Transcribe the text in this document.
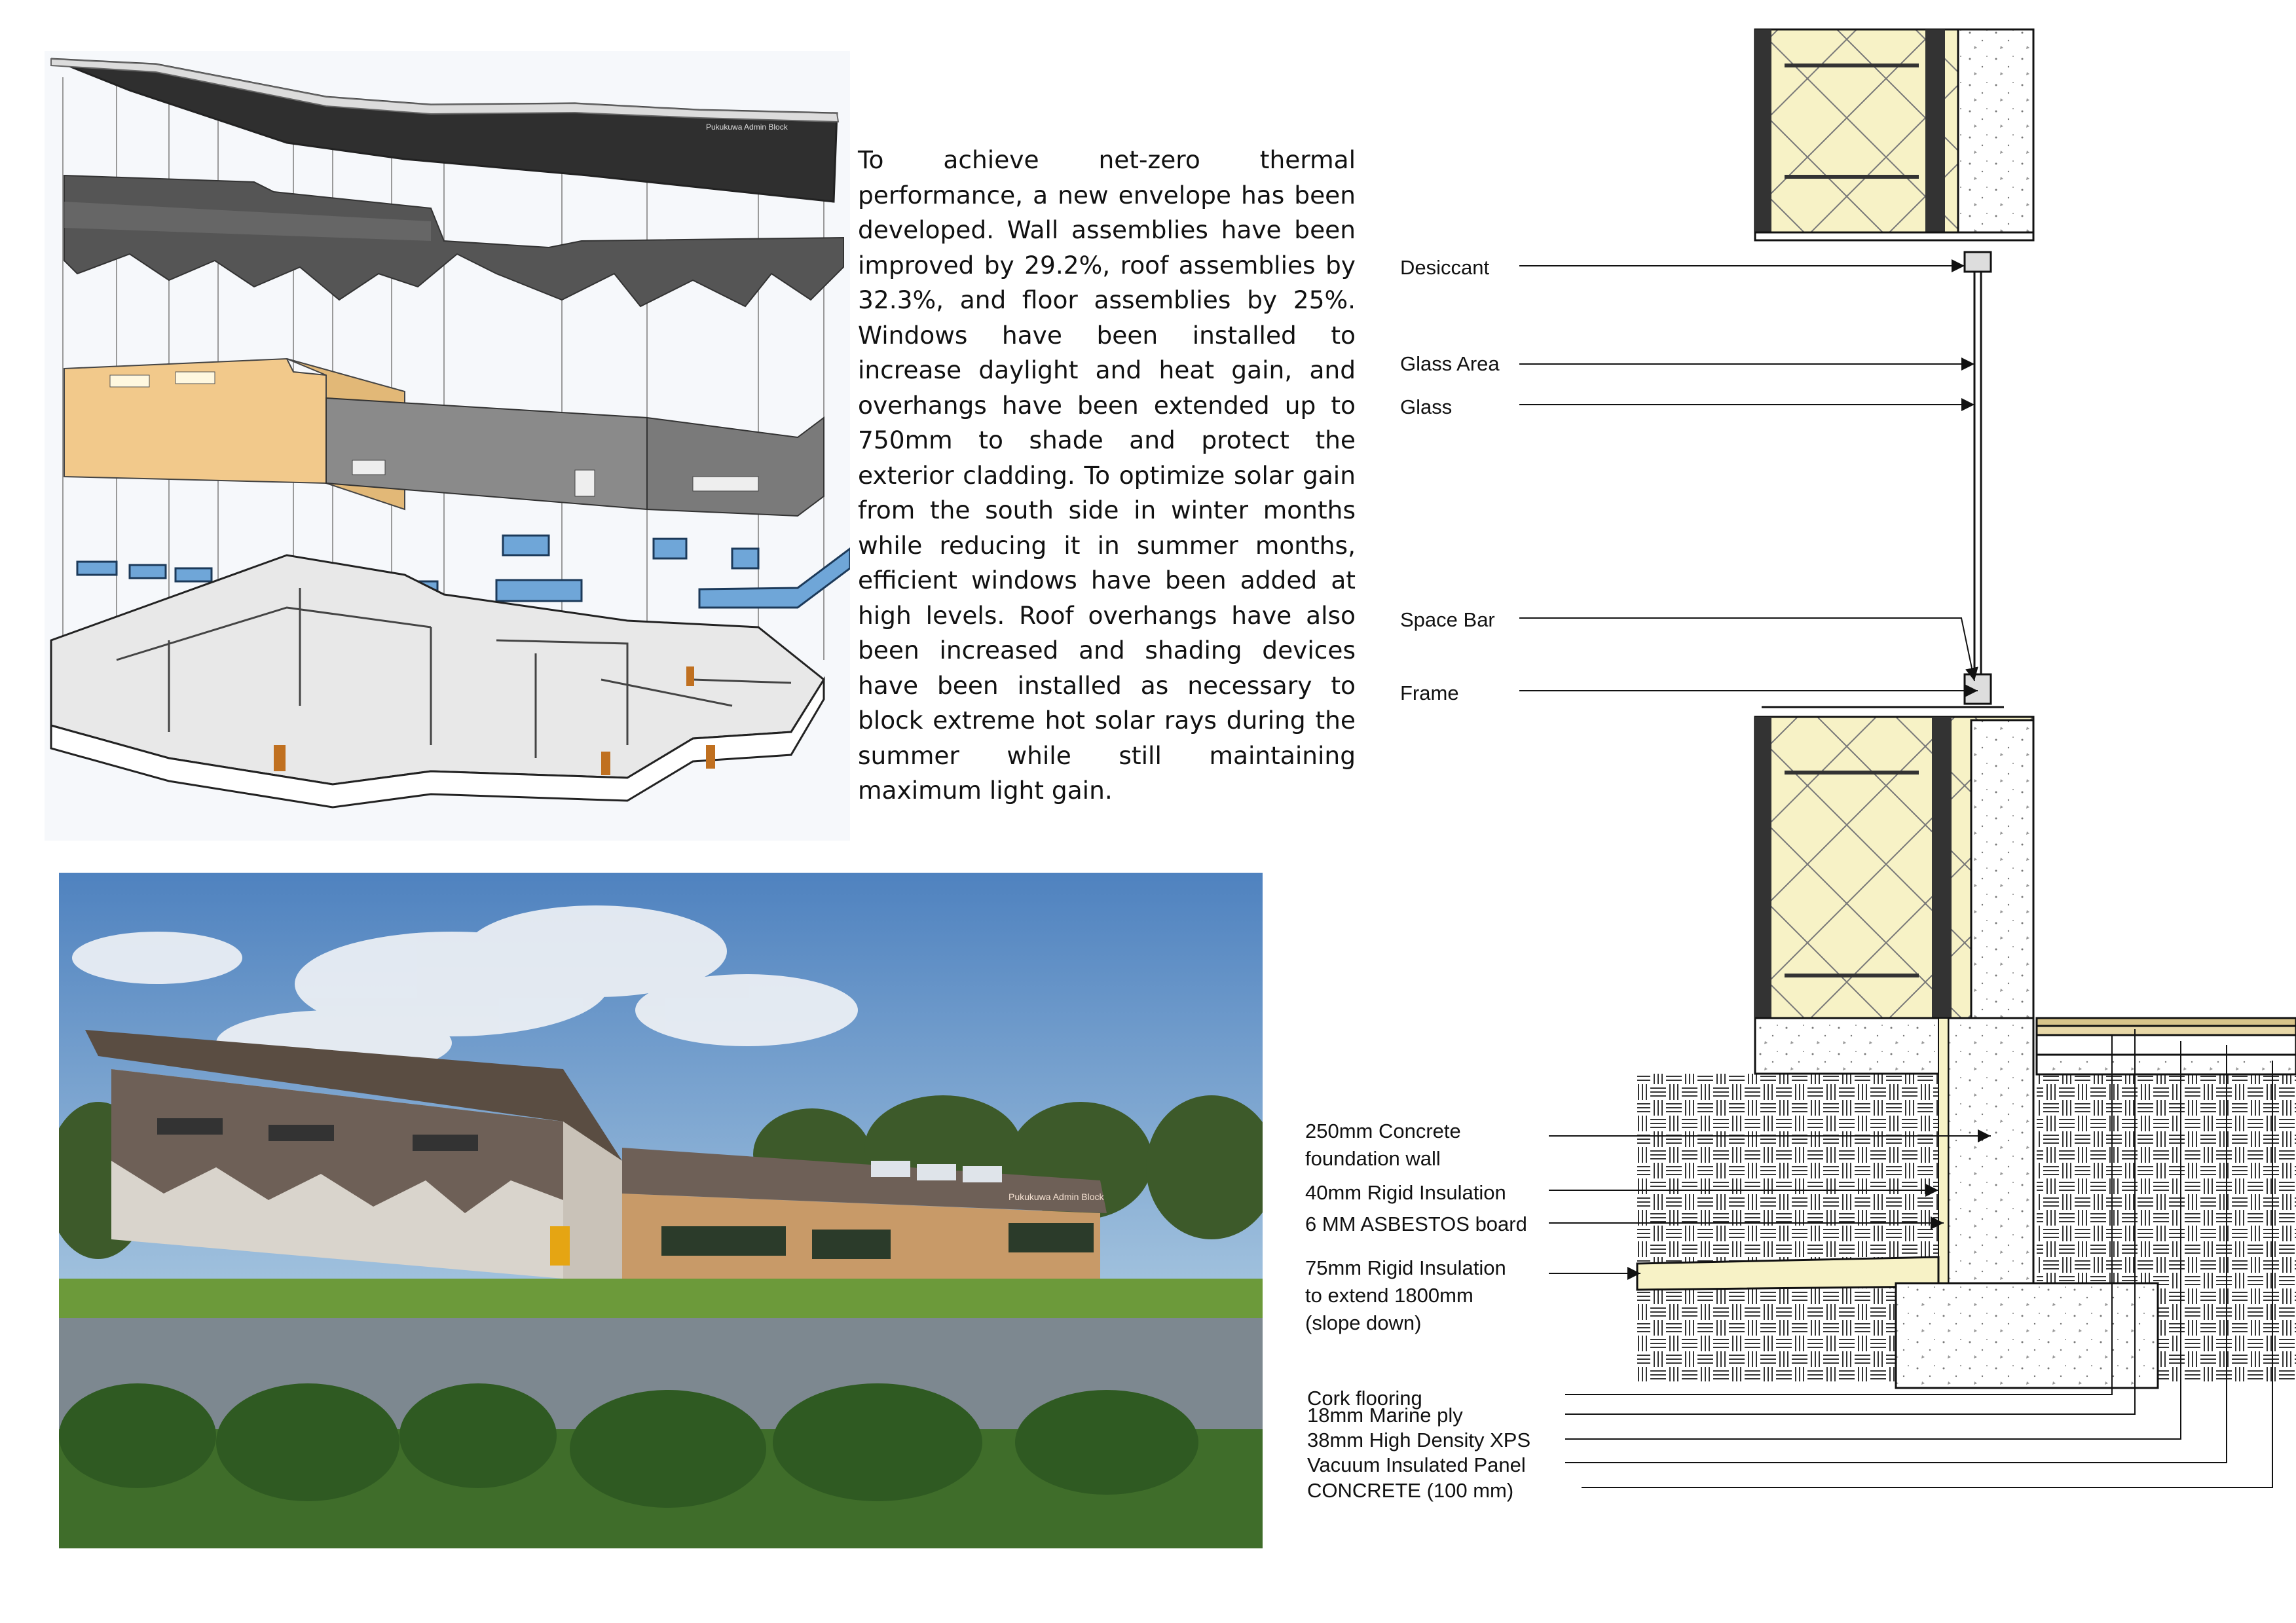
Pukukuwa Admin Block

To achieve net-zero thermal performance, a new envelope has been developed. Wall assemblies have been improved by 29.2%, roof assemblies by 32.3%, and floor assemblies by 25%. Windows have been installed to increase daylight and heat gain, and overhangs have been extended up to 750mm to shade and protect the exterior cladding. To optimize solar gain from the south side in winter months while reducing it in summer months, efficient windows have been added at high levels. Roof overhangs have also been increased and shading devices have been installed as necessary to block extreme hot solar rays during the summer while still maintaining maximum light gain.

Pukukuwa Admin Block
Desiccant
Glass Area
Glass
Space Bar
Frame
250mm Concrete
foundation wall
40mm Rigid Insulation
6 MM ASBESTOS board
75mm Rigid Insulation
to extend 1800mm
(slope down)
Cork flooring
18mm Marine ply
38mm High Density XPS
Vacuum Insulated Panel
CONCRETE (100 mm)
